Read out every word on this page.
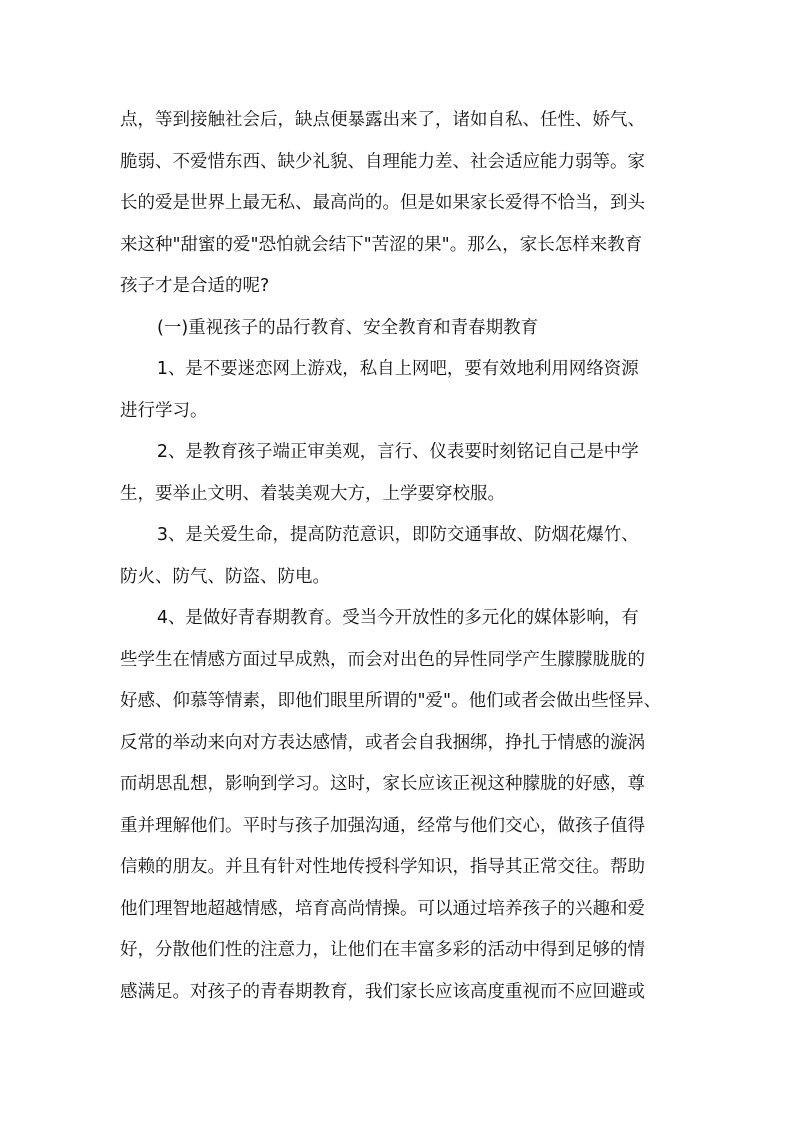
点，等到接触社会后，缺点便暴露出来了，诸如自私、任性、娇气、
脆弱、不爱惜东西、缺少礼貌、自理能力差、社会适应能力弱等。家
长的爱是世界上最无私、最高尚的。但是如果家长爱得不恰当，到头
来这种"甜蜜的爱"恐怕就会结下"苦涩的果"。那么，家长怎样来教育
孩子才是合适的呢?

(一)重视孩子的品行教育、安全教育和青春期教育

1、是不要迷恋网上游戏，私自上网吧，要有效地利用网络资源
进行学习。

2、是教育孩子端正审美观，言行、仪表要时刻铭记自己是中学
生，要举止文明、着装美观大方，上学要穿校服。

3、是关爱生命，提高防范意识，即防交通事故、防烟花爆竹、
防火、防气、防盗、防电。

4、是做好青春期教育。受当今开放性的多元化的媒体影响，有
些学生在情感方面过早成熟，而会对出色的异性同学产生朦朦胧胧的
好感、仰慕等情素，即他们眼里所谓的"爱"。他们或者会做出些怪异、
反常的举动来向对方表达感情，或者会自我捆绑，挣扎于情感的漩涡
而胡思乱想，影响到学习。这时，家长应该正视这种朦胧的好感，尊
重并理解他们。平时与孩子加强沟通，经常与他们交心，做孩子值得
信赖的朋友。并且有针对性地传授科学知识，指导其正常交往。帮助
他们理智地超越情感，培育高尚情操。可以通过培养孩子的兴趣和爱
好，分散他们性的注意力，让他们在丰富多彩的活动中得到足够的情
感满足。对孩子的青春期教育，我们家长应该高度重视而不应回避或
